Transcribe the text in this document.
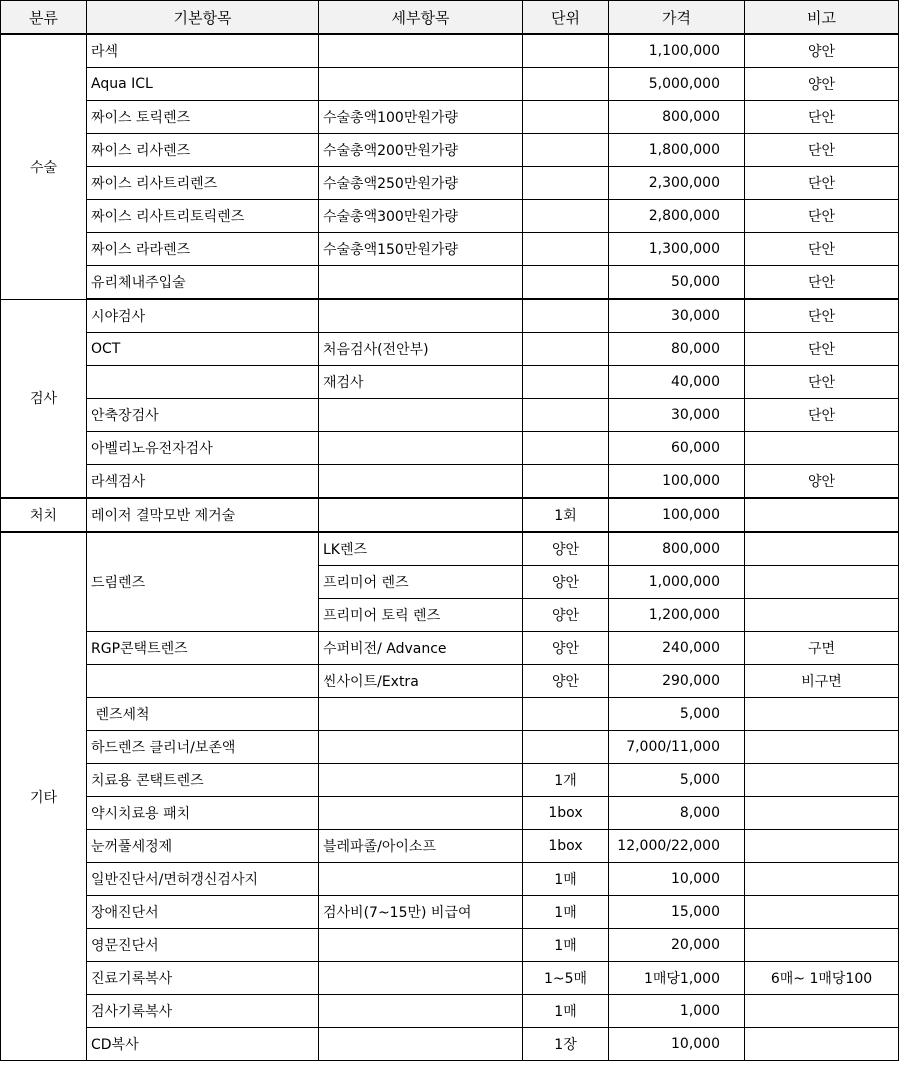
분류	기본항목	세부항목	단위	가격	비고
수술	라섹			1,100,000	양안
	Aqua ICL			5,000,000	양안
	짜이스 토릭렌즈	수술총액100만원가량		800,000	단안
	짜이스 리사렌즈	수술총액200만원가량		1,800,000	단안
	짜이스 리사트리렌즈	수술총액250만원가량		2,300,000	단안
	짜이스 리사트리토릭렌즈	수술총액300만원가량		2,800,000	단안
	짜이스 라라렌즈	수술총액150만원가량		1,300,000	단안
	유리체내주입술			50,000	단안
검사	시야검사			30,000	단안
	OCT	처음검사(전안부)		80,000	단안
		재검사		40,000	단안
	안축장검사			30,000	단안
	아벨리노유전자검사			60,000	
	라섹검사			100,000	양안
처치	레이저 결막모반 제거술		1회	100,000	
기타	드림렌즈	LK렌즈	양안	800,000	
		프리미어 렌즈	양안	1,000,000	
		프리미어 토릭 렌즈	양안	1,200,000	
	RGP콘택트렌즈	수퍼비전/ Advance	양안	240,000	구면
		씬사이트/Extra	양안	290,000	비구면
	렌즈세척			5,000	
	하드렌즈 클리너/보존액			7,000/11,000	
	치료용 콘택트렌즈		1개	5,000	
	약시치료용 패치		1box	8,000	
	눈꺼풀세정제	블레파졸/아이소프	1box	12,000/22,000	
	일반진단서/면허갱신검사지		1매	10,000	
	장애진단서	검사비(7~15만) 비급여	1매	15,000	
	영문진단서		1매	20,000	
	진료기록복사		1~5매	1매당1,000	6매~ 1매당100
	검사기록복사		1매	1,000	
	CD복사		1장	10,000	
